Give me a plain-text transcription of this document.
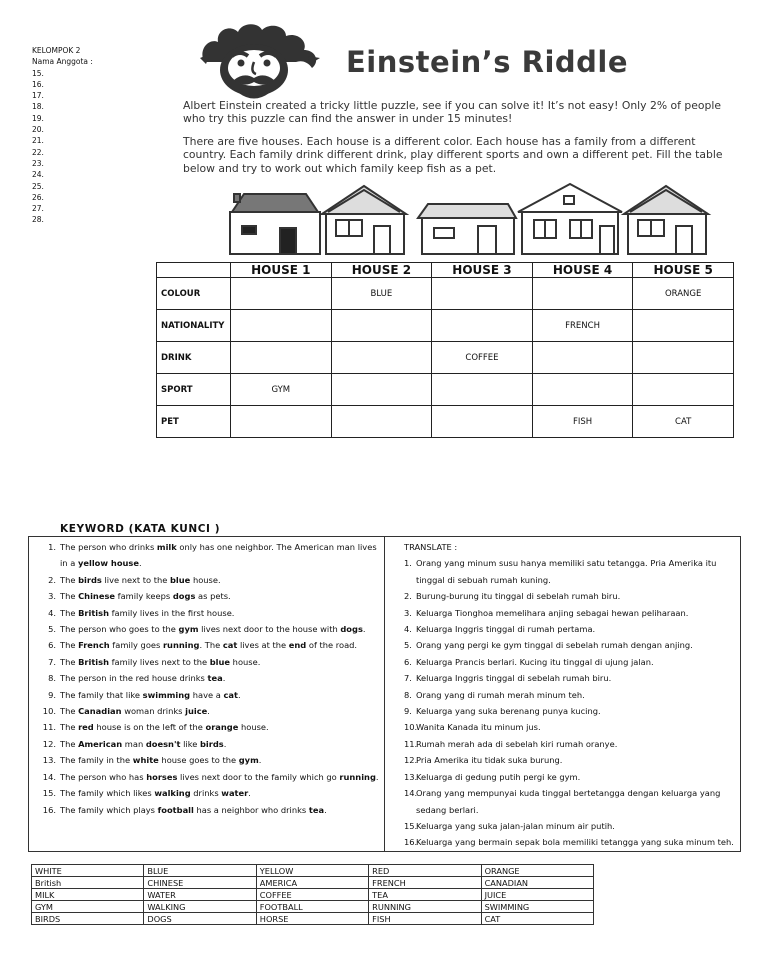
KELOMPOK 2
Nama Anggota :
15.
16.
17.
18.
19.
20.
21.
22.
23.
24.
25.
26.
27.
28.
Einstein’s Riddle

Albert Einstein created a tricky little puzzle, see if you can solve it! It’s not easy! Only 2% of people who try this puzzle can find the answer in under 15 minutes!

There are five houses. Each house is a different color. Each house has a family from a different country. Each family drink different drink, play different sports and own a different pet. Fill the table below and try to work out which family keep fish as a pet.

	HOUSE 1	HOUSE 2	HOUSE 3	HOUSE 4	HOUSE 5
COLOUR		BLUE			ORANGE
NATIONALITY				FRENCH	
DRINK			COFFEE		
SPORT	GYM				
PET				FISH	CAT
KEYWORD (KATA KUNCI )
1. The person who drinks milk only has one neighbor. The American man lives in a yellow house.
2. The birds live next to the blue house.
3. The Chinese family keeps dogs as pets.
4. The British family lives in the first house.
5. The person who goes to the gym lives next door to the house with dogs.
6. The French family goes running. The cat lives at the end of the road.
7. The British family lives next to the blue house.
8. The person in the red house drinks tea.
9. The family that like swimming have a cat.
10. The Canadian woman drinks juice.
11. The red house is on the left of the orange house.
12. The American man doesn't like birds.
13. The family in the white house goes to the gym.
14. The person who has horses lives next door to the family which go running.
15. The family which likes walking drinks water.
16. The family which plays football has a neighbor who drinks tea.
TRANSLATE :
1. Orang yang minum susu hanya memiliki satu tetangga. Pria Amerika itu tinggal di sebuah rumah kuning.
2. Burung-burung itu tinggal di sebelah rumah biru.
3. Keluarga Tionghoa memelihara anjing sebagai hewan peliharaan.
4. Keluarga Inggris tinggal di rumah pertama.
5. Orang yang pergi ke gym tinggal di sebelah rumah dengan anjing.
6. Keluarga Prancis berlari. Kucing itu tinggal di ujung jalan.
7. Keluarga Inggris tinggal di sebelah rumah biru.
8. Orang yang di rumah merah minum teh.
9. Keluarga yang suka berenang punya kucing.
10.
Wanita Kanada itu minum jus.
11.
Rumah merah ada di sebelah kiri rumah oranye.
12.
Pria Amerika itu tidak suka burung.
13.
Keluarga di gedung putih pergi ke gym.
14.
Orang yang mempunyai kuda tinggal bertetangga dengan keluarga yang sedang berlari.
15.
Keluarga yang suka jalan-jalan minum air putih.
16.
Keluarga yang bermain sepak bola memiliki tetangga yang suka minum teh.
WHITE	BLUE	YELLOW	RED	ORANGE
British	CHINESE	AMERICA	FRENCH	CANADIAN
MILK	WATER	COFFEE	TEA	JUICE
GYM	WALKING	FOOTBALL	RUNNING	SWIMMING
BIRDS	DOGS	HORSE	FISH	CAT
